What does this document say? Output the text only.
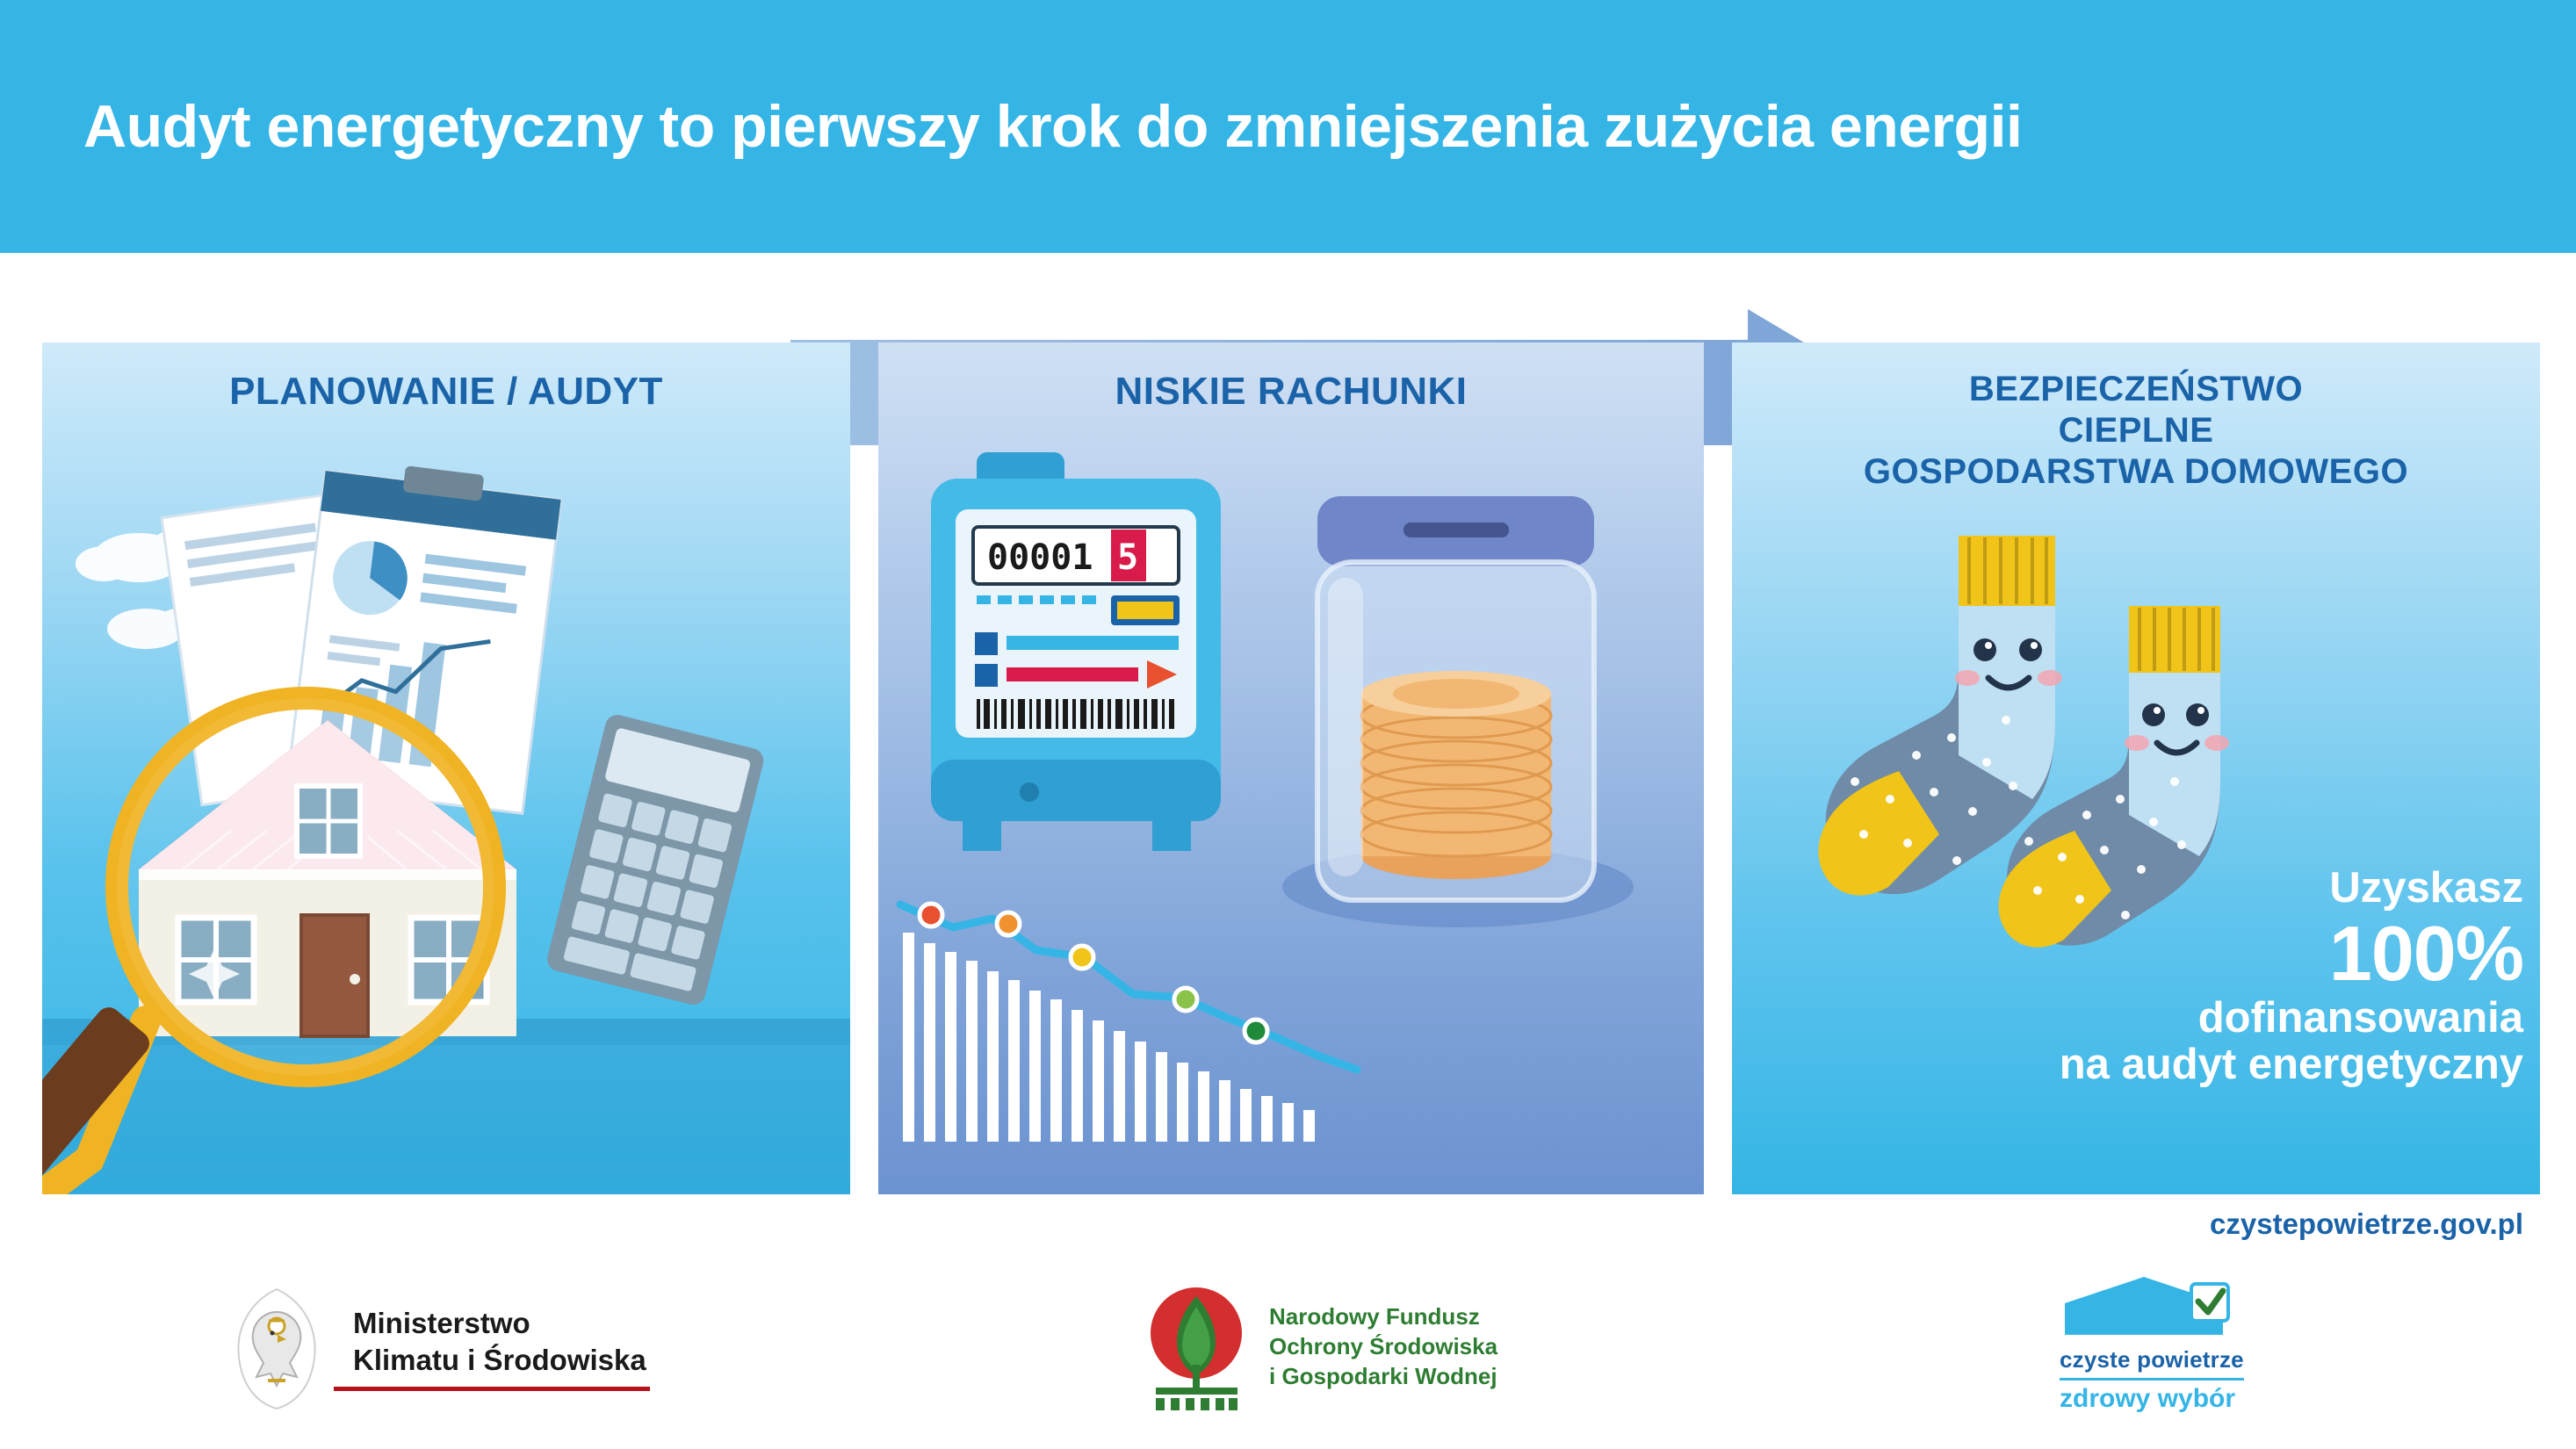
Audyt energetyczny to pierwszy krok do zmniejszenia zużycia energii
PLANOWANIE / AUDYT	NISKIE RACHUNKI
00001 5
BEZPIECZEŃSTWO
CIEPLNE
GOSPODARSTWA DOMOWEGO
Uzyskasz
100%
dofinansowania
na audyt energetyczny
czystepowietrze.gov.pl
Ministerstwo
Klimatu i Środowiska
Narodowy Fundusz
Ochrony Środowiska
i Gospodarki Wodnej
czyste powietrze
zdrowy wybór
